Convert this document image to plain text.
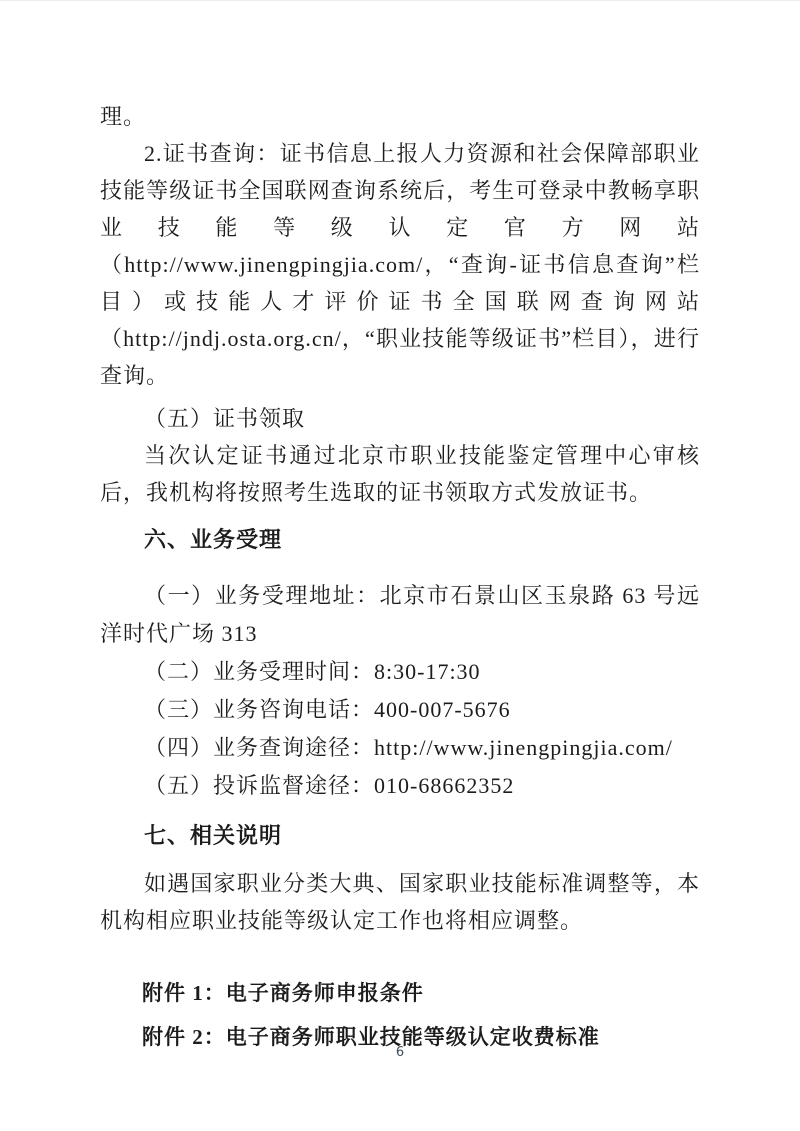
理。

2.证书查询：证书信息上报人力资源和社会保障部职业技能等级证书全国联网查询系统后，考生可登录中教畅享职业技能等级认定官方网站（http://www.jinengpingjia.com/，“查询-证书信息查询”栏目）或技能人才评价证书全国联网查询网站（http://jndj.osta.org.cn/，“职业技能等级证书”栏目），进行查询。

（五）证书领取

当次认定证书通过北京市职业技能鉴定管理中心审核后，我机构将按照考生选取的证书领取方式发放证书。

六、业务受理
（一）业务受理地址：北京市石景山区玉泉路 63 号远洋时代广场 313
（二）业务受理时间：8:30-17:30
（三）业务咨询电话：400-007-5676
（四）业务查询途径：http://www.jinengpingjia.com/
（五）投诉监督途径：010-68662352
七、相关说明

如遇国家职业分类大典、国家职业技能标准调整等，本机构相应职业技能等级认定工作也将相应调整。

附件 1：电子商务师申报条件

附件 2：电子商务师职业技能等级认定收费标准

6
